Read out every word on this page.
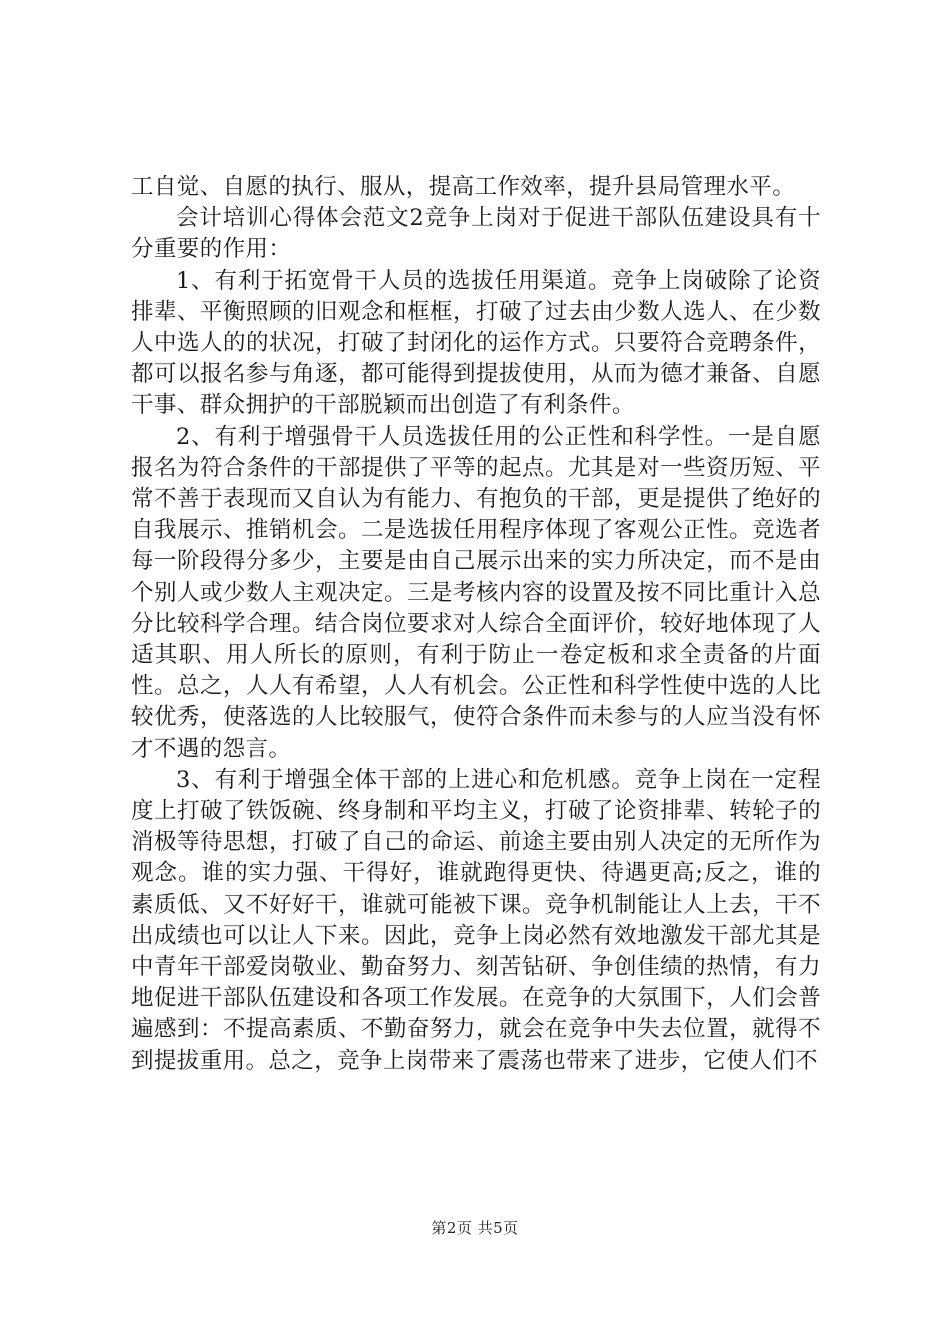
工自觉、自愿的执行、服从，提高工作效率，提升县局管理水平。

会计培训心得体会范文2竞争上岗对于促进干部队伍建设具有十分重要的作用：

1、有利于拓宽骨干人员的选拔任用渠道。竞争上岗破除了论资排辈、平衡照顾的旧观念和框框，打破了过去由少数人选人、在少数人中选人的的状况，打破了封闭化的运作方式。只要符合竞聘条件，都可以报名参与角逐，都可能得到提拔使用，从而为德才兼备、自愿干事、群众拥护的干部脱颖而出创造了有利条件。

2、有利于增强骨干人员选拔任用的公正性和科学性。一是自愿报名为符合条件的干部提供了平等的起点。尤其是对一些资历短、平常不善于表现而又自认为有能力、有抱负的干部，更是提供了绝好的自我展示、推销机会。二是选拔任用程序体现了客观公正性。竞选者每一阶段得分多少，主要是由自己展示出来的实力所决定，而不是由个别人或少数人主观决定。三是考核内容的设置及按不同比重计入总分比较科学合理。结合岗位要求对人综合全面评价，较好地体现了人适其职、用人所长的原则，有利于防止一卷定板和求全责备的片面性。总之，人人有希望，人人有机会。公正性和科学性使中选的人比较优秀，使落选的人比较服气，使符合条件而未参与的人应当没有怀才不遇的怨言。

3、有利于增强全体干部的上进心和危机感。竞争上岗在一定程度上打破了铁饭碗、终身制和平均主义，打破了论资排辈、转轮子的消极等待思想，打破了自己的命运、前途主要由别人决定的无所作为观念。谁的实力强、干得好，谁就跑得更快、待遇更高;反之，谁的素质低、又不好好干，谁就可能被下课。竞争机制能让人上去，干不出成绩也可以让人下来。因此，竞争上岗必然有效地激发干部尤其是中青年干部爱岗敬业、勤奋努力、刻苦钻研、争创佳绩的热情，有力地促进干部队伍建设和各项工作发展。在竞争的大氛围下，人们会普遍感到：不提高素质、不勤奋努力，就会在竞争中失去位置，就得不到提拔重用。总之，竞争上岗带来了震荡也带来了进步，它使人们不

第2页 共5页
